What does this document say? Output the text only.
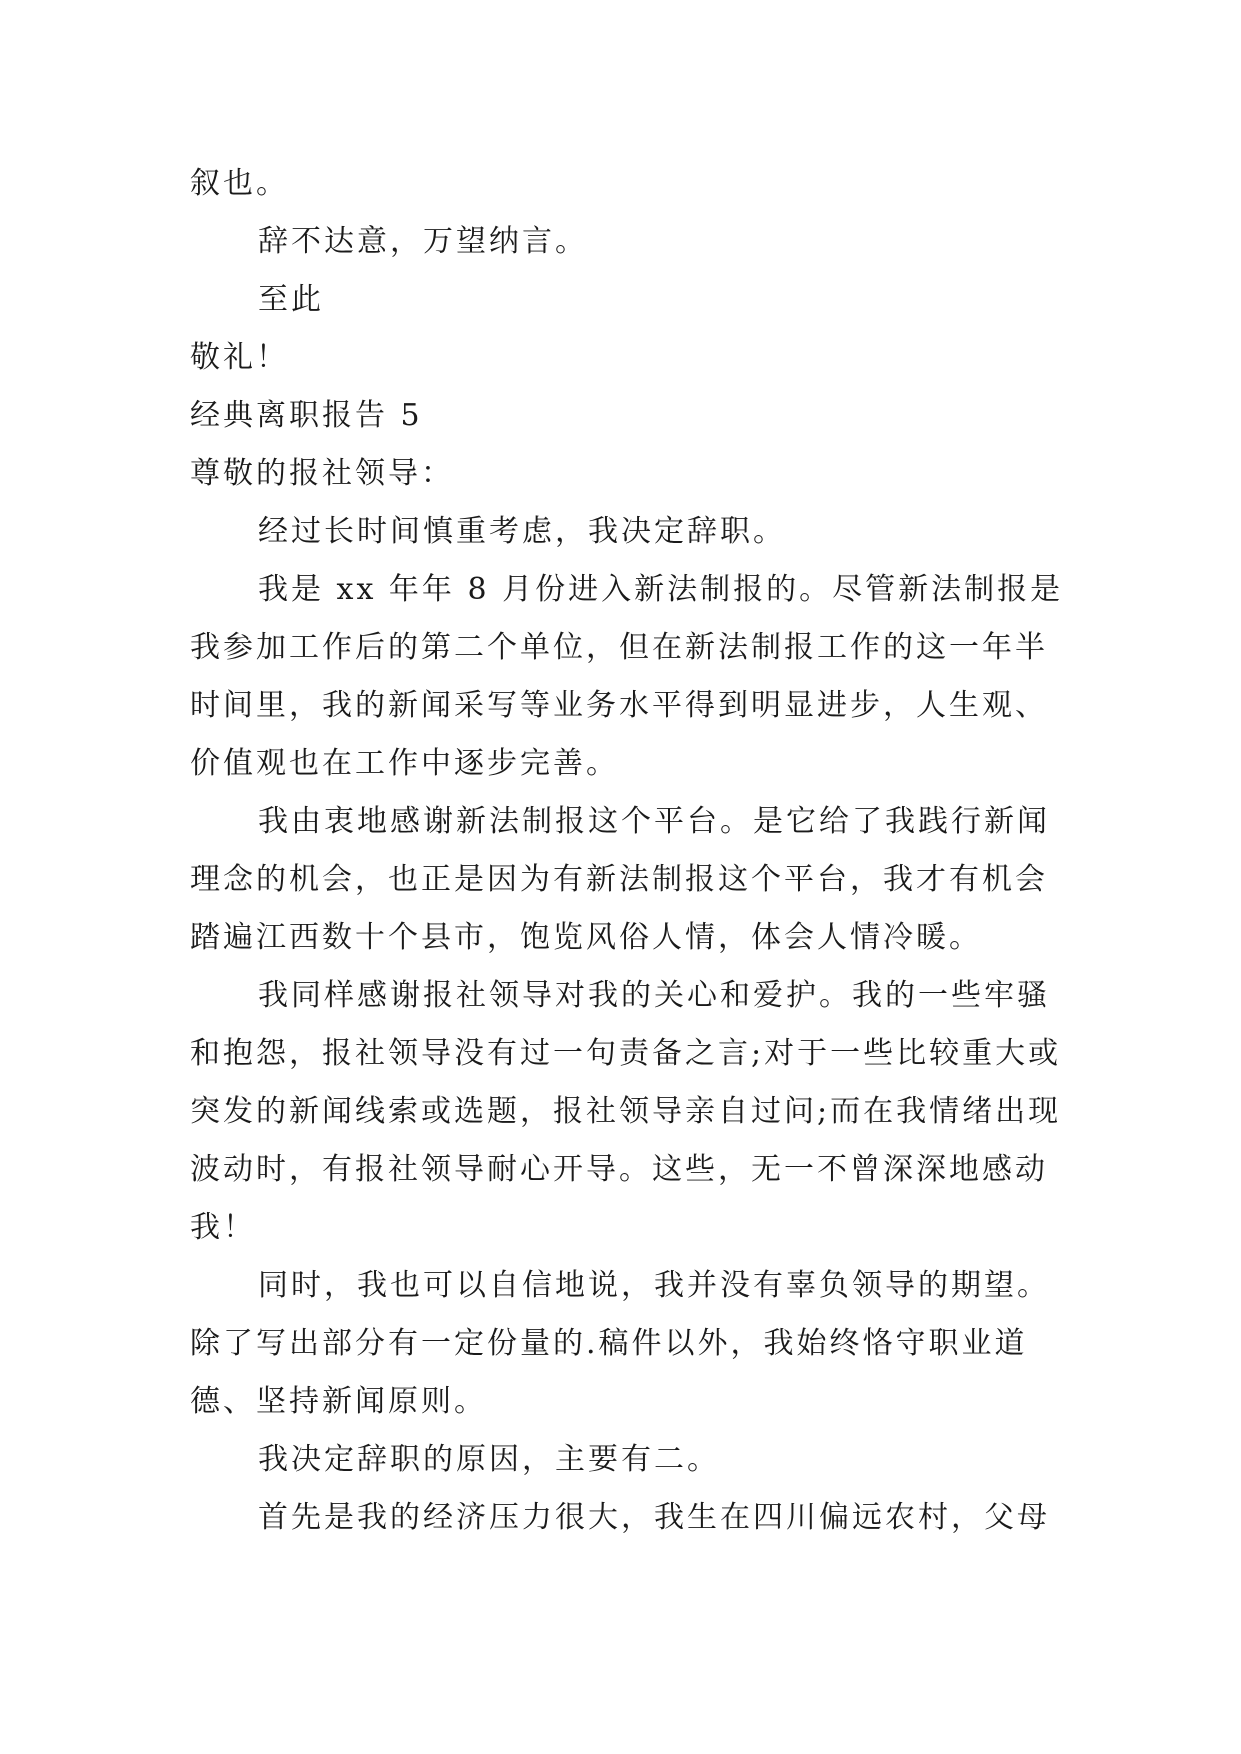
叙也。

辞不达意，万望纳言。

至此

敬礼！

经典离职报告 5

尊敬的报社领导：

经过长时间慎重考虑，我决定辞职。

我是 xx 年年 8 月份进入新法制报的。尽管新法制报是我参加工作后的第二个单位，但在新法制报工作的这一年半时间里，我的新闻采写等业务水平得到明显进步，人生观、价值观也在工作中逐步完善。

我由衷地感谢新法制报这个平台。是它给了我践行新闻理念的机会，也正是因为有新法制报这个平台，我才有机会踏遍江西数十个县市，饱览风俗人情，体会人情冷暖。

我同样感谢报社领导对我的关心和爱护。我的一些牢骚和抱怨，报社领导没有过一句责备之言;对于一些比较重大或突发的新闻线索或选题，报社领导亲自过问;而在我情绪出现波动时，有报社领导耐心开导。这些，无一不曾深深地感动我！

同时，我也可以自信地说，我并没有辜负领导的期望。除了写出部分有一定份量的.稿件以外，我始终恪守职业道德、坚持新闻原则。

我决定辞职的原因，主要有二。

首先是我的经济压力很大，我生在四川偏远农村，父母
